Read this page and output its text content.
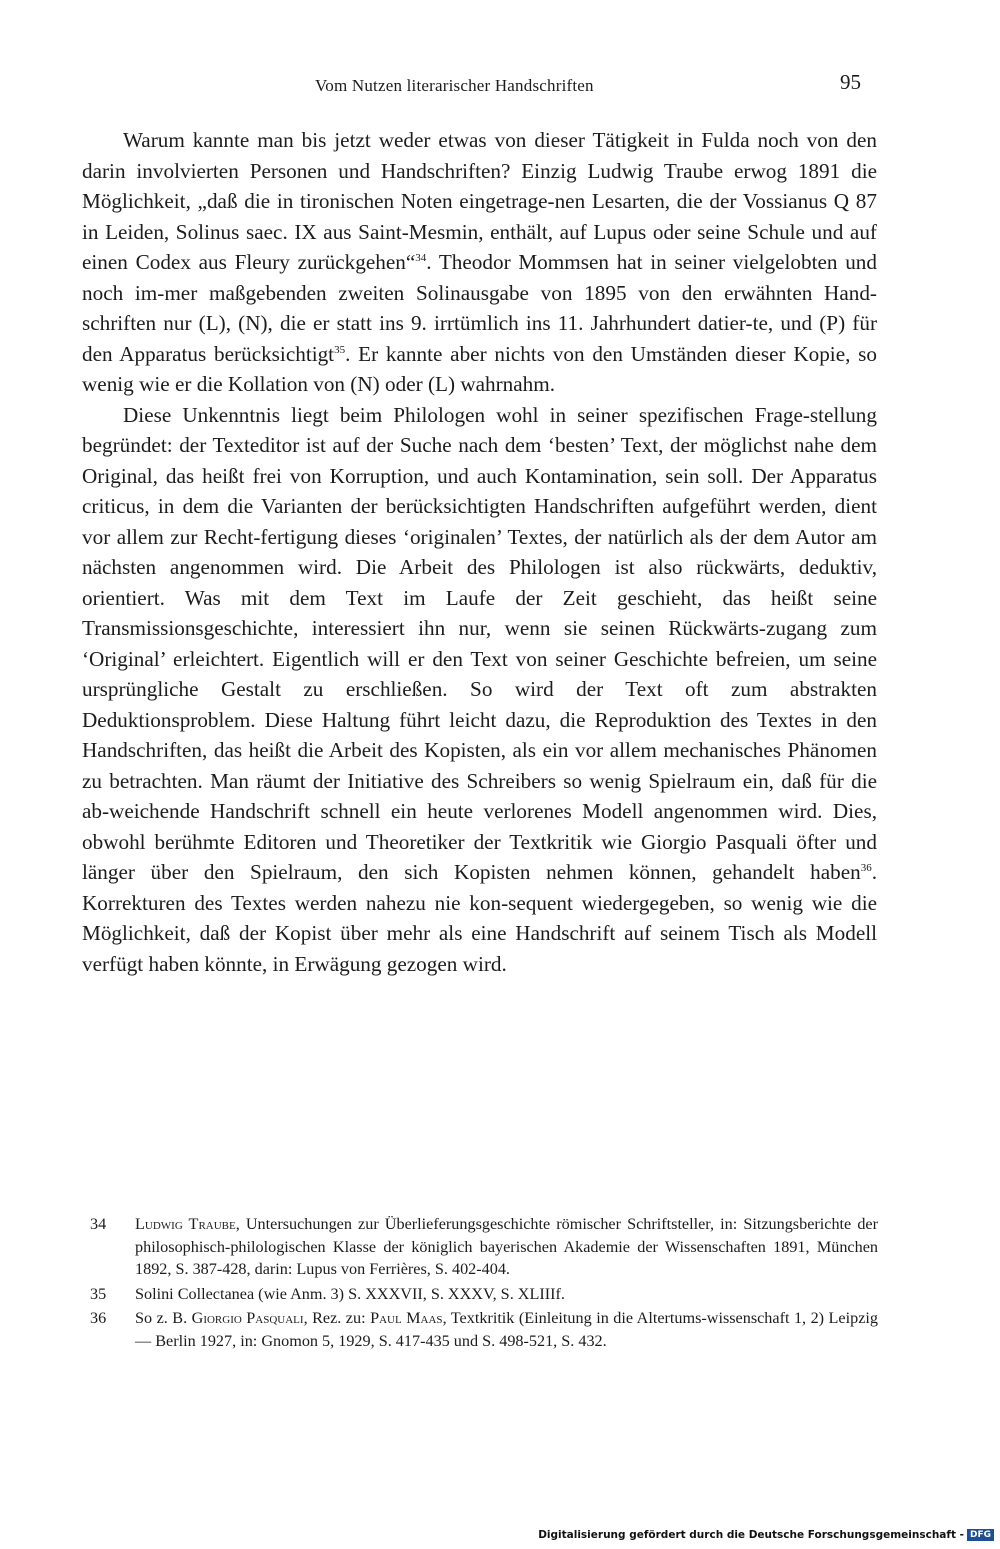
Vom Nutzen literarischer Handschriften	95

Warum kannte man bis jetzt weder etwas von dieser Tätigkeit in Fulda noch von den darin involvierten Personen und Handschriften? Einzig Ludwig Traube erwog 1891 die Möglichkeit, „daß die in tironischen Noten eingetrage-nen Lesarten, die der Vossianus Q 87 in Leiden, Solinus saec. IX aus Saint-Mesmin, enthält, auf Lupus oder seine Schule und auf einen Codex aus Fleury zurückgehen“$^{34}$. Theodor Mommsen hat in seiner vielgelobten und noch im-mer maßgebenden zweiten Solinausgabe von 1895 von den erwähnten Hand-schriften nur (L), (N), die er statt ins 9. irrtümlich ins 11. Jahrhundert datier-te, und (P) für den Apparatus berücksichtigt$^{35}$. Er kannte aber nichts von den Umständen dieser Kopie, so wenig wie er die Kollation von (N) oder (L) wahrnahm.

Diese Unkenntnis liegt beim Philologen wohl in seiner spezifischen Frage-stellung begründet: der Texteditor ist auf der Suche nach dem ‘besten’ Text, der möglichst nahe dem Original, das heißt frei von Korruption, und auch Kontamination, sein soll. Der Apparatus criticus, in dem die Varianten der berücksichtigten Handschriften aufgeführt werden, dient vor allem zur Recht-fertigung dieses ‘originalen’ Textes, der natürlich als der dem Autor am nächsten angenommen wird. Die Arbeit des Philologen ist also rückwärts, deduktiv, orientiert. Was mit dem Text im Laufe der Zeit geschieht, das heißt seine Transmissionsgeschichte, interessiert ihn nur, wenn sie seinen Rückwärts-zugang zum ‘Original’ erleichtert. Eigentlich will er den Text von seiner Geschichte befreien, um seine ursprüngliche Gestalt zu erschließen. So wird der Text oft zum abstrakten Deduktionsproblem. Diese Haltung führt leicht dazu, die Reproduktion des Textes in den Handschriften, das heißt die Arbeit des Kopisten, als ein vor allem mechanisches Phänomen zu betrachten. Man räumt der Initiative des Schreibers so wenig Spielraum ein, daß für die ab-weichende Handschrift schnell ein heute verlorenes Modell angenommen wird. Dies, obwohl berühmte Editoren und Theoretiker der Textkritik wie Giorgio Pasquali öfter und länger über den Spielraum, den sich Kopisten nehmen können, gehandelt haben$^{36}$. Korrekturen des Textes werden nahezu nie kon-sequent wiedergegeben, so wenig wie die Möglichkeit, daß der Kopist über mehr als eine Handschrift auf seinem Tisch als Modell verfügt haben könnte, in Erwägung gezogen wird.

34	Ludwig Traube, Untersuchungen zur Überlieferungsgeschichte römischer Schriftsteller, in: Sitzungsberichte der philosophisch-philologischen Klasse der königlich bayerischen Akademie der Wissenschaften 1891, München 1892, S. 387-428, darin: Lupus von Ferrières, S. 402-404.
35	Solini Collectanea (wie Anm. 3) S. XXXVII, S. XXXV, S. XLIIIf.
36	So z. B. Giorgio Pasquali, Rez. zu: Paul Maas, Textkritik (Einleitung in die Altertums-wissenschaft 1, 2) Leipzig — Berlin 1927, in: Gnomon 5, 1929, S. 417-435 und S. 498-521, S. 432.
Digitalisierung gefördert durch die Deutsche Forschungsgemeinschaft - DFG
